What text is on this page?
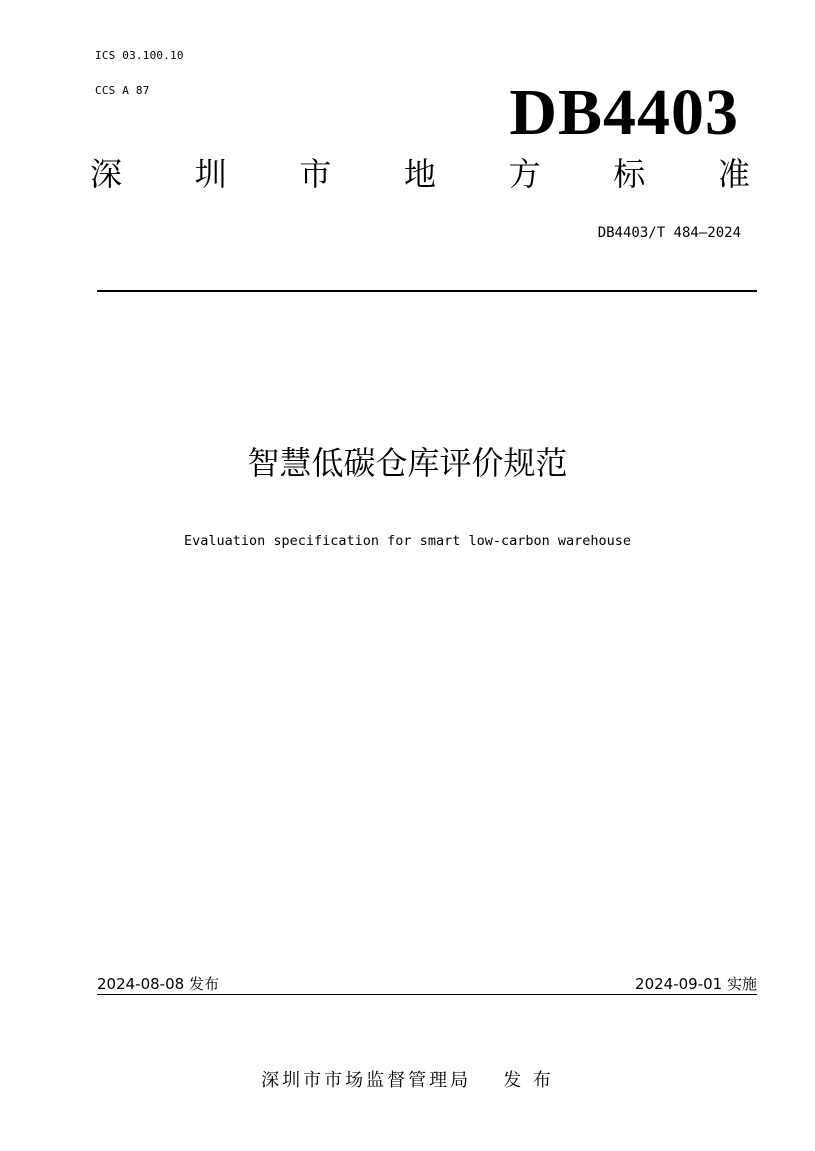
ICS 03.100.10
CCS A 87	DB4403
深 圳 市 地 方 标 准
DB4403/T 484—2024
智慧低碳仓库评价规范
Evaluation specification for smart low-carbon warehouse
2024-08-08 发布	2024-09-01 实施
深圳市市场监督管理局 发 布
